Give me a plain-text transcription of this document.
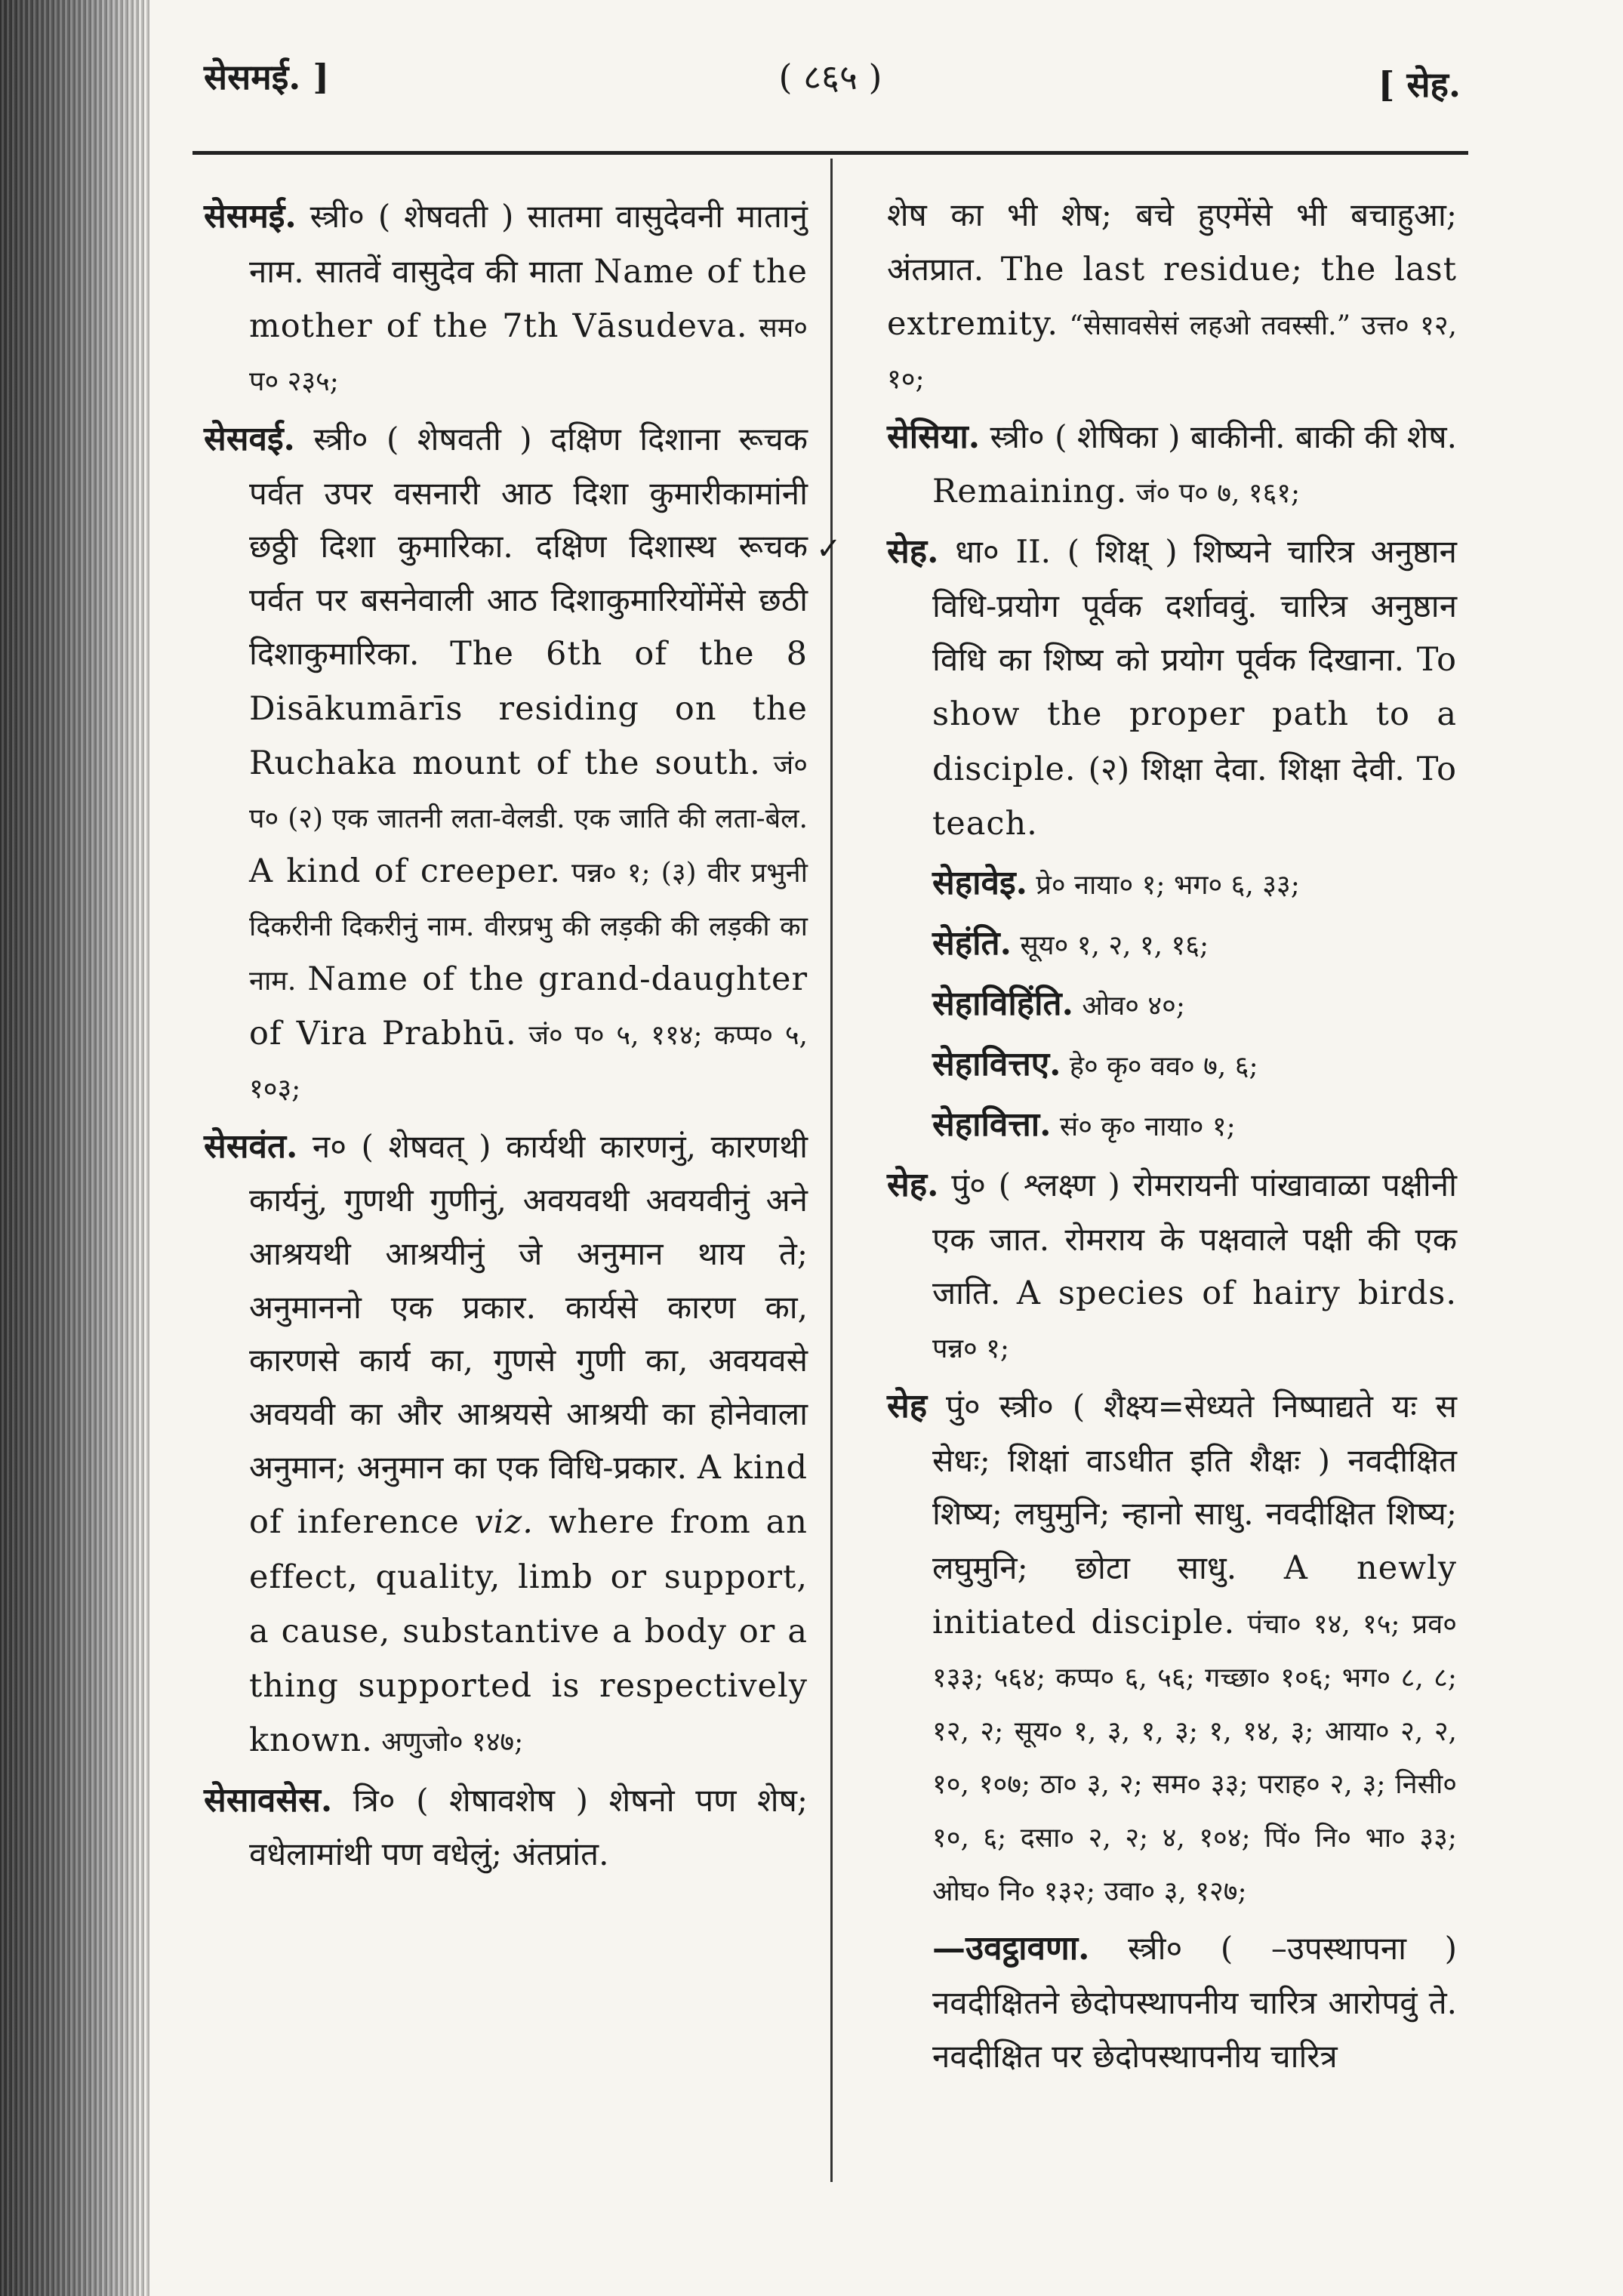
सेसमई. ]	( ८६५ )	[ सेह.

सेसमई. स्त्री० ( शेषवती ) सातमा वासुदेवनी मातानुं नाम. सातवें वासुदेव की माता Name of the mother of the 7th Vāsudeva. सम० प० २३५;

सेसवई. स्त्री० ( शेषवती ) दक्षिण दिशाना रूचक पर्वत उपर वसनारी आठ दिशा कुमारीकामांनी छठ्ठी दिशा कुमारिका. दक्षिण दिशास्थ रूचक पर्वत पर बसनेवाली आठ दिशाकुमारियोंमेंसे छठी दिशाकुमारिका. The 6th of the 8 Disākumārīs residing on the Ruchaka mount of the south. जं० प० (२) एक जातनी लता-वेलडी. एक जाति की लता-बेल. A kind of creeper. पन्न० १; (३) वीर प्रभुनी दिकरीनी दिकरीनुं नाम. वीरप्रभु की लड़की की लड़की का नाम. Name of the grand-daughter of Vira Prabhū. जं० प० ५, ११४; कप्प० ५, १०३;

सेसवंत. न० ( शेषवत् ) कार्यथी कारणनुं, कारणथी कार्यनुं, गुणथी गुणीनुं, अवयवथी अवयवीनुं अने आश्रयथी आश्रयीनुं जे अनुमान थाय ते; अनुमाननो एक प्रकार. कार्यसे कारण का, कारणसे कार्य का, गुणसे गुणी का, अवयवसे अवयवी का और आश्रयसे आश्रयी का होनेवाला अनुमान; अनुमान का एक विधि-प्रकार. A kind of inference viz. where from an effect, quality, limb or support, a cause, substantive a body or a thing supported is respectively known. अणुजो० १४७;

सेसावसेस. त्रि० ( शेषावशेष ) शेषनो पण शेष; वधेलामांथी पण वधेलुं; अंतप्रांत.

शेष का भी शेष; बचे हुएमेंसे भी बचाहुआ; अंतप्रात. The last residue; the last extremity. “सेसावसेसं लहओ तवस्सी.” उत्त० १२, १०;

सेसिया. स्त्री० ( शेषिका ) बाकीनी. बाकी की शेष. Remaining. जं० प० ७, १६१;

✓	सेह. धा० II. ( शिक्ष् ) शिष्यने चारित्र अनुष्ठान विधि-प्रयोग पूर्वक दर्शाववुं. चारित्र अनुष्ठान विधि का शिष्य को प्रयोग पूर्वक दिखाना. To show the proper path to a disciple. (२) शिक्षा देवा. शिक्षा देवी. To teach.

सेहावेइ. प्रे० नाया० १; भग० ६, ३३;

सेहंति. सूय० १, २, १, १६;

सेहाविहिंति. ओव० ४०;

सेहावित्तए. हे० कृ० वव० ७, ६;

सेहावित्ता. सं० कृ० नाया० १;

सेह. पुं० ( श्लक्ष्ण ) रोमरायनी पांखावाळा पक्षीनी एक जात. रोमराय के पक्षवाले पक्षी की एक जाति. A species of hairy birds. पन्न० १;

सेह पुं० स्त्री० ( शैक्ष्य=सेध्यते निष्पाद्यते यः स सेधः; शिक्षां वाऽधीत इति शैक्षः ) नवदीक्षित शिष्य; लघुमुनि; न्हानो साधु. नवदीक्षित शिष्य; लघुमुनि; छोटा साधु. A newly initiated disciple. पंचा० १४, १५; प्रव० १३३; ५६४; कप्प० ६, ५६; गच्छा० १०६; भग० ८, ८; १२, २; सूय० १, ३, १, ३; १, १४, ३; आया० २, २, १०, १०७; ठा० ३, २; सम० ३३; पराह० २, ३; निसी० १०, ६; दसा० २, २; ४, १०४; पिं० नि० भा० ३३; ओघ० नि० १३२; उवा० ३, १२७;

—उवट्ठावणा. स्त्री० ( –उपस्थापना ) नवदीक्षितने छेदोपस्थापनीय चारित्र आरोपवुं ते. नवदीक्षित पर छेदोपस्थापनीय चारित्र
